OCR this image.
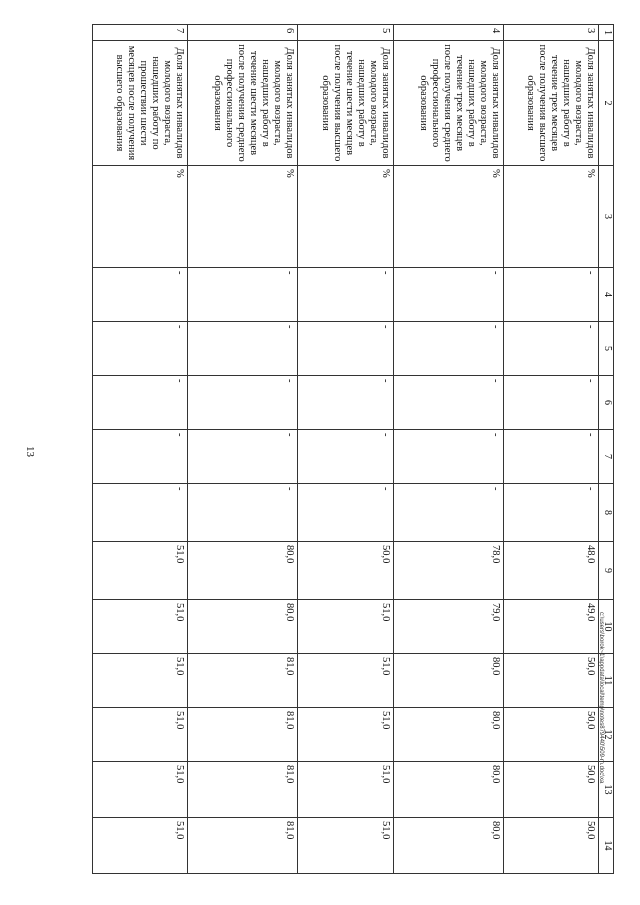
13
1	2	3	4	5	6	7	8	9	10	11	12	13	14
3	Доля занятых инвалидов молодого возраста, нашедших работу в течение трех месяцев после получения высшего образования	%	-	-	-	-	-	48,0	49,0	50,0	50,0	50,0	50,0
4	Доля занятых инвалидов молодого возраста, нашедших работу в течение трех месяцев после получения среднего профессионального образования	%	-	-	-	-	-	78,0	79,0	80,0	80,0	80,0	80,0
5	Доля занятых инвалидов молодого возраста, нашедших работу в течение шести месяцев после получения высшего образования	%	-	-	-	-	-	50,0	51,0	51,0	51,0	51,0	51,0
6	Доля занятых инвалидов молодого возраста, нашедших работу в течение шести месяцев после получения среднего профессионального образования	%	-	-	-	-	-	80,0	80,0	81,0	81,0	81,0	81,0
7	Доля занятых инвалидов молодого возраста, нашедших работу по прошествии шести месяцев после получения высшего образования	%	-	-	-	-	-	51,0	51,0	51,0	51,0	51,0	51,0
c:\users\borok~1\appdata\local\temp\notes879440\509-m.doc\xa
